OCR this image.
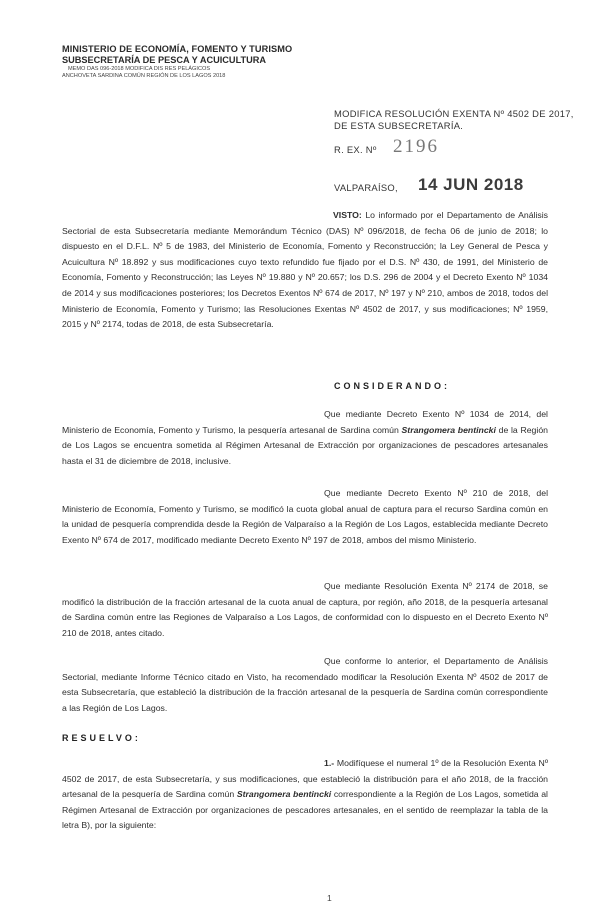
MINISTERIO DE ECONOMÍA, FOMENTO Y TURISMO
SUBSECRETARÍA DE PESCA Y ACUICULTURA
MEMO DAS 096-2018 MODIFICA DIS RES PELÁGICOS
ANCHOVETA SARDINA COMÚN REGIÓN DE LOS LAGOS 2018
MODIFICA RESOLUCIÓN EXENTA Nº 4502 DE 2017,
DE ESTA SUBSECRETARÍA.
R. EX. Nº 2196
VALPARAÍSO, 14 JUN 2018
VISTO: Lo informado por el Departamento de Análisis Sectorial de esta Subsecretaría mediante Memorándum Técnico (DAS) Nº 096/2018, de fecha 06 de junio de 2018; lo dispuesto en el D.F.L. Nº 5 de 1983, del Ministerio de Economía, Fomento y Reconstrucción; la Ley General de Pesca y Acuicultura Nº 18.892 y sus modificaciones cuyo texto refundido fue fijado por el D.S. Nº 430, de 1991, del Ministerio de Economía, Fomento y Reconstrucción; las Leyes Nº 19.880 y Nº 20.657; los D.S. 296 de 2004 y el Decreto Exento Nº 1034 de 2014 y sus modificaciones posteriores; los Decretos Exentos Nº 674 de 2017, Nº 197 y Nº 210, ambos de 2018, todos del Ministerio de Economía, Fomento y Turismo; las Resoluciones Exentas Nº 4502 de 2017, y sus modificaciones; Nº 1959, 2015 y Nº 2174, todas de 2018, de esta Subsecretaría.
CONSIDERANDO:
Que mediante Decreto Exento Nº 1034 de 2014, del Ministerio de Economía, Fomento y Turismo, la pesquería artesanal de Sardina común Strangomera bentincki de la Región de Los Lagos se encuentra sometida al Régimen Artesanal de Extracción por organizaciones de pescadores artesanales hasta el 31 de diciembre de 2018, inclusive.
Que mediante Decreto Exento Nº 210 de 2018, del Ministerio de Economía, Fomento y Turismo, se modificó la cuota global anual de captura para el recurso Sardina común en la unidad de pesquería comprendida desde la Región de Valparaíso a la Región de Los Lagos, establecida mediante Decreto Exento Nº 674 de 2017, modificado mediante Decreto Exento Nº 197 de 2018, ambos del mismo Ministerio.
Que mediante Resolución Exenta Nº 2174 de 2018, se modificó la distribución de la fracción artesanal de la cuota anual de captura, por región, año 2018, de la pesquería artesanal de Sardina común entre las Regiones de Valparaíso a Los Lagos, de conformidad con lo dispuesto en el Decreto Exento Nº 210 de 2018, antes citado.
Que conforme lo anterior, el Departamento de Análisis Sectorial, mediante Informe Técnico citado en Visto, ha recomendado modificar la Resolución Exenta Nº 4502 de 2017 de esta Subsecretaría, que estableció la distribución de la fracción artesanal de la pesquería de Sardina común correspondiente a las Región de Los Lagos.
RESUELVO:
1.- Modifíquese el numeral 1º de la Resolución Exenta Nº 4502 de 2017, de esta Subsecretaría, y sus modificaciones, que estableció la distribución para el año 2018, de la fracción artesanal de la pesquería de Sardina común Strangomera bentincki correspondiente a la Región de Los Lagos, sometida al Régimen Artesanal de Extracción por organizaciones de pescadores artesanales, en el sentido de reemplazar la tabla de la letra B), por la siguiente:
1
